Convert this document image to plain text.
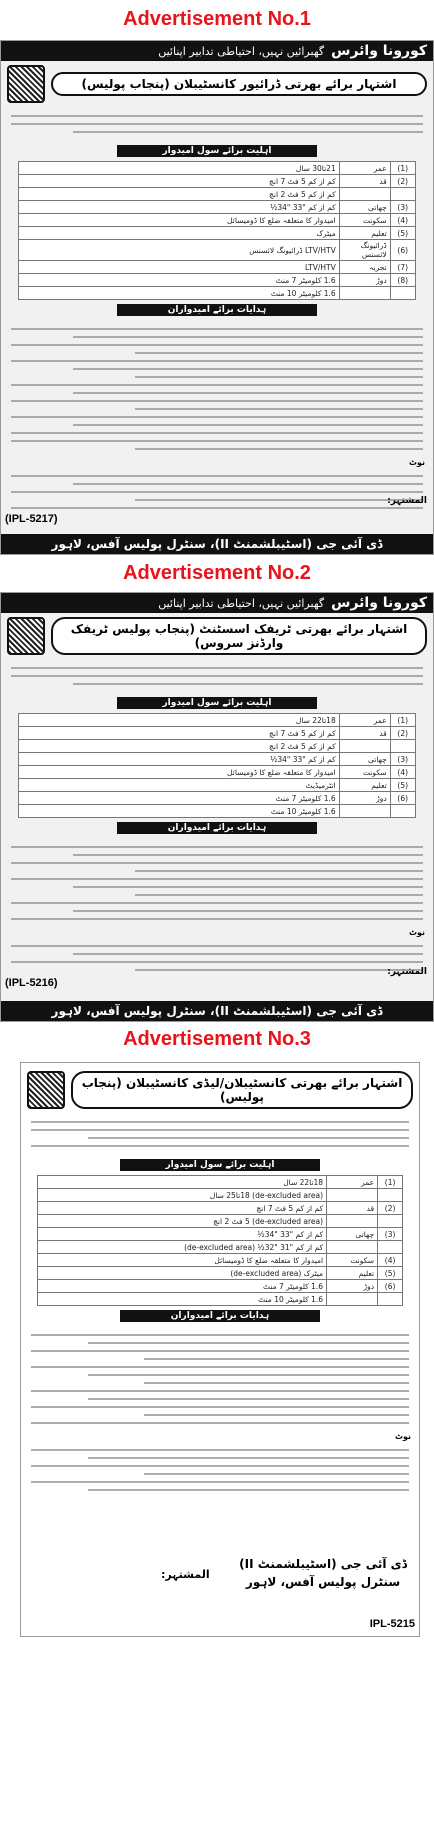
Advertisement No.1
کورونا وائرس  گھبرائیں نہیں، احتیاطی تدابیر اپنائیں
اشتہار برائے بھرتی ڈرائیور کانسٹیبلان (پنجاب پولیس)
اہلیت برائے سول امیدوار
(1)	عمر	21تا30 سال
(2)	قد	کم از کم 5 فٹ 7 انچ
		کم از کم 5 فٹ 2 انچ
(3)	چھاتی	کم از کم "33 "34½
(4)	سکونت	امیدوار کا متعلقہ ضلع کا ڈومیسائل
(5)	تعلیم	میٹرک
(6)	ڈرائیونگ لائسنس	LTV/HTV ڈرائیونگ لائسنس
(7)	تجربہ	LTV/HTV
(8)	دوڑ	1.6 کلومیٹر 7 منٹ
		1.6 کلومیٹر 10 منٹ
ہدایات برائے امیدواران
نوٹ
المشتہر:
(IPL-5217)
ڈی آئی جی (اسٹیبلشمنٹ II)، سنٹرل پولیس آفس، لاہور
Advertisement No.2
کورونا وائرس  گھبرائیں نہیں، احتیاطی تدابیر اپنائیں
اشتہار برائے بھرتی ٹریفک اسسٹنٹ (پنجاب پولیس ٹریفک وارڈنز سروس)
اہلیت برائے سول امیدوار
(1)	عمر	18تا22 سال
(2)	قد	کم از کم 5 فٹ 7 انچ
		کم از کم 5 فٹ 2 انچ
(3)	چھاتی	کم از کم "33 "34½
(4)	سکونت	امیدوار کا متعلقہ ضلع کا ڈومیسائل
(5)	تعلیم	انٹرمیڈیٹ
(6)	دوڑ	1.6 کلومیٹر 7 منٹ
		1.6 کلومیٹر 10 منٹ
ہدایات برائے امیدواران
نوٹ
المشتہر:
(IPL-5216)
ڈی آئی جی (اسٹیبلشمنٹ II)، سنٹرل پولیس آفس، لاہور
Advertisement No.3
اشتہار برائے بھرتی کانسٹیبلان/لیڈی کانسٹیبلان (پنجاب پولیس)
اہلیت برائے سول امیدوار
(1)	عمر	18تا22 سال
		(de-excluded area) 18تا25 سال
(2)	قد	کم از کم 5 فٹ 7 انچ
		(de-excluded area) 5 فٹ 2 انچ
(3)	چھاتی	کم از کم "33 "34½
		کم از کم "31 "32½ (de-excluded area)
(4)	سکونت	امیدوار کا متعلقہ ضلع کا ڈومیسائل
(5)	تعلیم	میٹرک (de-excluded area)
(6)	دوڑ	1.6 کلومیٹر 7 منٹ
		1.6 کلومیٹر 10 منٹ
ہدایات برائے امیدواران
نوٹ
المشتہر:
ڈی آئی جی (اسٹیبلشمنٹ II)
سنٹرل پولیس آفس، لاہور
IPL-5215
